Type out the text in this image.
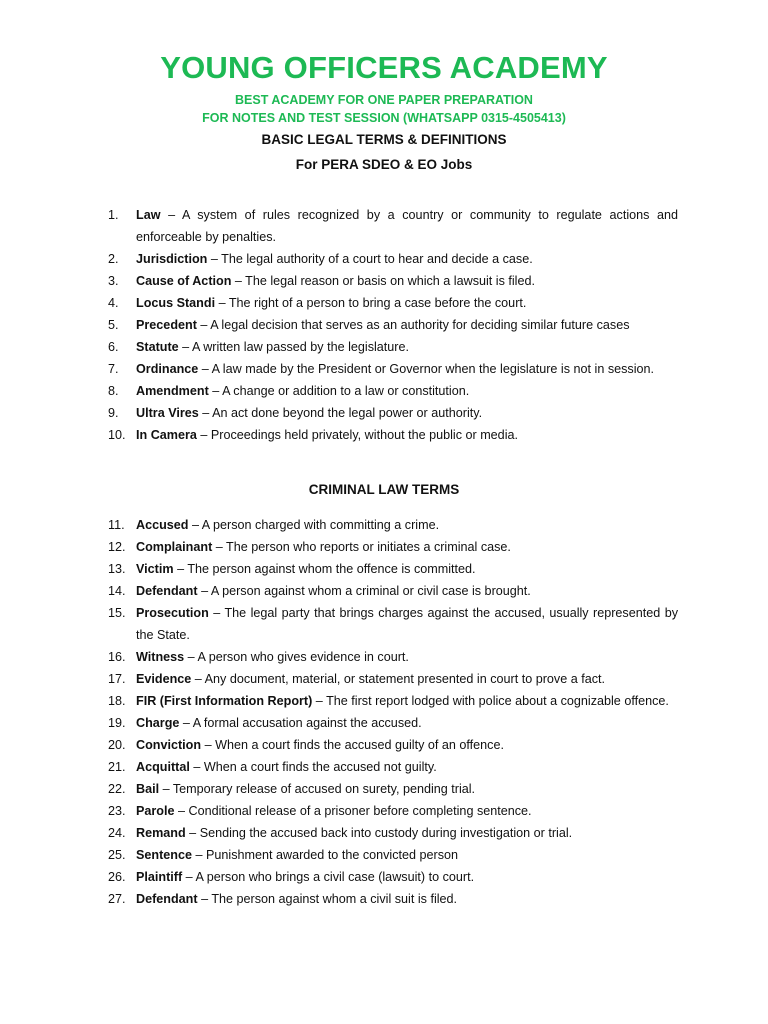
YOUNG OFFICERS ACADEMY
BEST ACADEMY FOR ONE PAPER PREPARATION
FOR NOTES AND TEST SESSION (WHATSAPP 0315-4505413)
BASIC LEGAL TERMS & DEFINITIONS
For PERA SDEO & EO Jobs
1.	Law – A system of rules recognized by a country or community to regulate actions and enforceable by penalties.
2.	Jurisdiction – The legal authority of a court to hear and decide a case.
3.	Cause of Action – The legal reason or basis on which a lawsuit is filed.
4.	Locus Standi – The right of a person to bring a case before the court.
5.	Precedent – A legal decision that serves as an authority for deciding similar future cases
6.	Statute – A written law passed by the legislature.
7.	Ordinance – A law made by the President or Governor when the legislature is not in session.
8.	Amendment – A change or addition to a law or constitution.
9.	Ultra Vires – An act done beyond the legal power or authority.
10. In Camera – Proceedings held privately, without the public or media.
CRIMINAL LAW TERMS
11. Accused – A person charged with committing a crime.
12. Complainant – The person who reports or initiates a criminal case.
13. Victim – The person against whom the offence is committed.
14. Defendant – A person against whom a criminal or civil case is brought.
15. Prosecution – The legal party that brings charges against the accused, usually represented by the State.
16. Witness – A person who gives evidence in court.
17. Evidence – Any document, material, or statement presented in court to prove a fact.
18. FIR (First Information Report) – The first report lodged with police about a cognizable offence.
19. Charge – A formal accusation against the accused.
20. Conviction – When a court finds the accused guilty of an offence.
21. Acquittal – When a court finds the accused not guilty.
22. Bail – Temporary release of accused on surety, pending trial.
23. Parole – Conditional release of a prisoner before completing sentence.
24. Remand – Sending the accused back into custody during investigation or trial.
25. Sentence – Punishment awarded to the convicted person
26. Plaintiff – A person who brings a civil case (lawsuit) to court.
27. Defendant – The person against whom a civil suit is filed.
